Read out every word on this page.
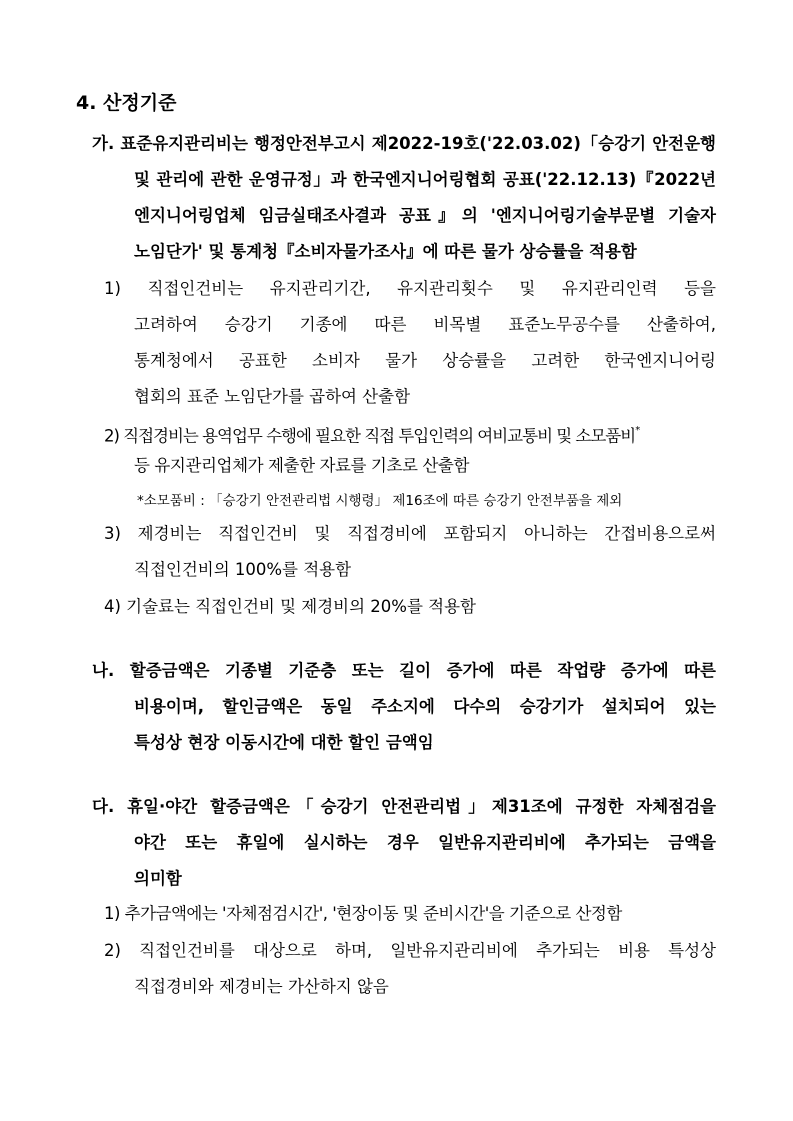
4. 산정기준
가. 표준유지관리비는 행정안전부고시 제2022-19호('22.03.02)「승강기 안전운행
및 관리에 관한 운영규정」과 한국엔지니어링협회 공표('22.12.13)『2022년
엔지니어링업체 임금실태조사결과 공표』의 '엔지니어링기술부문별 기술자
노임단가' 및 통계청『소비자물가조사』에 따른 물가 상승률을 적용함
1) 직접인건비는 유지관리기간, 유지관리횟수 및 유지관리인력 등을
고려하여 승강기 기종에 따른 비목별 표준노무공수를 산출하여,
통계청에서 공표한 소비자 물가 상승률을 고려한 한국엔지니어링
협회의 표준 노임단가를 곱하여 산출함
2) 직접경비는 용역업무 수행에 필요한 직접 투입인력의 여비교통비 및 소모품비*
등 유지관리업체가 제출한 자료를 기초로 산출함
*소모품비 : 「승강기 안전관리법 시행령」 제16조에 따른 승강기 안전부품을 제외
3) 제경비는 직접인건비 및 직접경비에 포함되지 아니하는 간접비용으로써
직접인건비의 100%를 적용함
4) 기술료는 직접인건비 및 제경비의 20%를 적용함
나. 할증금액은 기종별 기준층 또는 길이 증가에 따른 작업량 증가에 따른
비용이며, 할인금액은 동일 주소지에 다수의 승강기가 설치되어 있는
특성상 현장 이동시간에 대한 할인 금액임
다. 휴일·야간 할증금액은「승강기 안전관리법」제31조에 규정한 자체점검을
야간 또는 휴일에 실시하는 경우 일반유지관리비에 추가되는 금액을
의미함
1) 추가금액에는 '자체점검시간', '현장이동 및 준비시간'을 기준으로 산정함
2) 직접인건비를 대상으로 하며, 일반유지관리비에 추가되는 비용 특성상
직접경비와 제경비는 가산하지 않음
